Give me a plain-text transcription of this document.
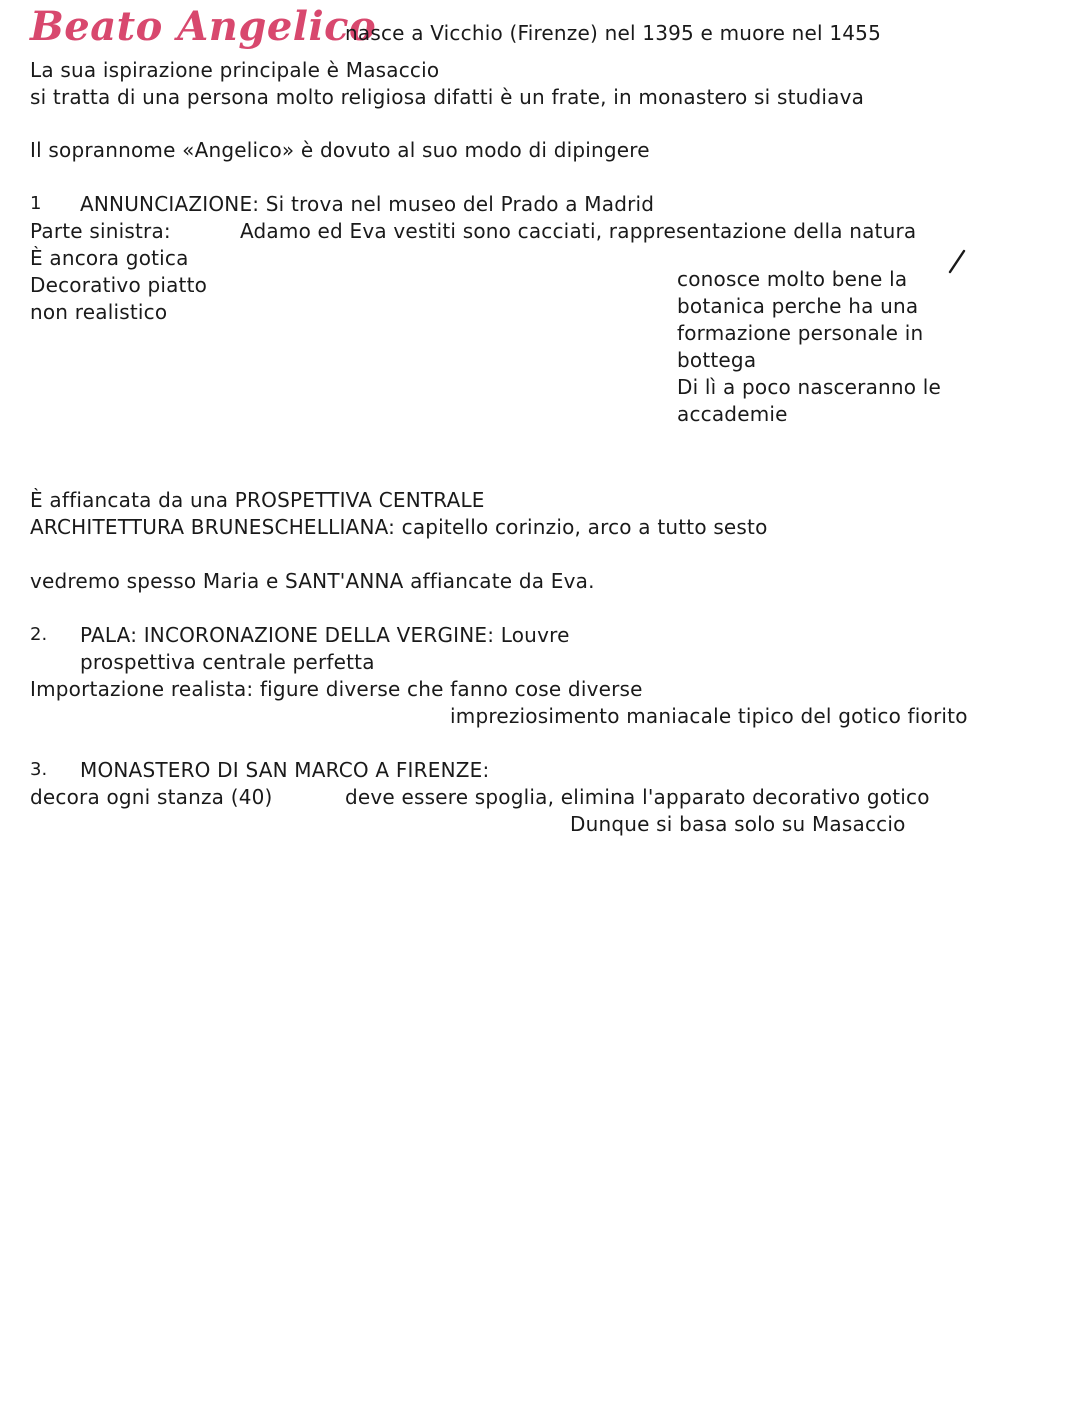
Beato Angelico
nasce a Vicchio (Firenze) nel 1395 e muore nel 1455
La sua ispirazione principale è Masaccio
si tratta di una persona molto religiosa difatti è un frate, in monastero si studiava
Il soprannome «Angelico» è dovuto al suo modo di dipingere
1 ANNUNCIAZIONE: Si trova nel museo del Prado a Madrid
Parte sinistra:	Adamo ed Eva vestiti sono cacciati, rappresentazione della natura
È ancora gotica
Decorativo piatto
non realistico
conosce molto bene la
botanica perche ha una
formazione personale in
bottega
Di lì a poco nasceranno le
accademie
È affiancata da una PROSPETTIVA CENTRALE
ARCHITETTURA BRUNESCHELLIANA: capitello corinzio, arco a tutto sesto
vedremo spesso Maria e SANT'ANNA affiancate da Eva.
2. PALA: INCORONAZIONE DELLA VERGINE: Louvre
prospettiva centrale perfetta
Importazione realista: figure diverse che fanno cose diverse
impreziosimento maniacale tipico del gotico fiorito
3. MONASTERO DI SAN MARCO A FIRENZE:
decora ogni stanza (40)	deve essere spoglia, elimina l'apparato decorativo gotico
Dunque si basa solo su Masaccio
